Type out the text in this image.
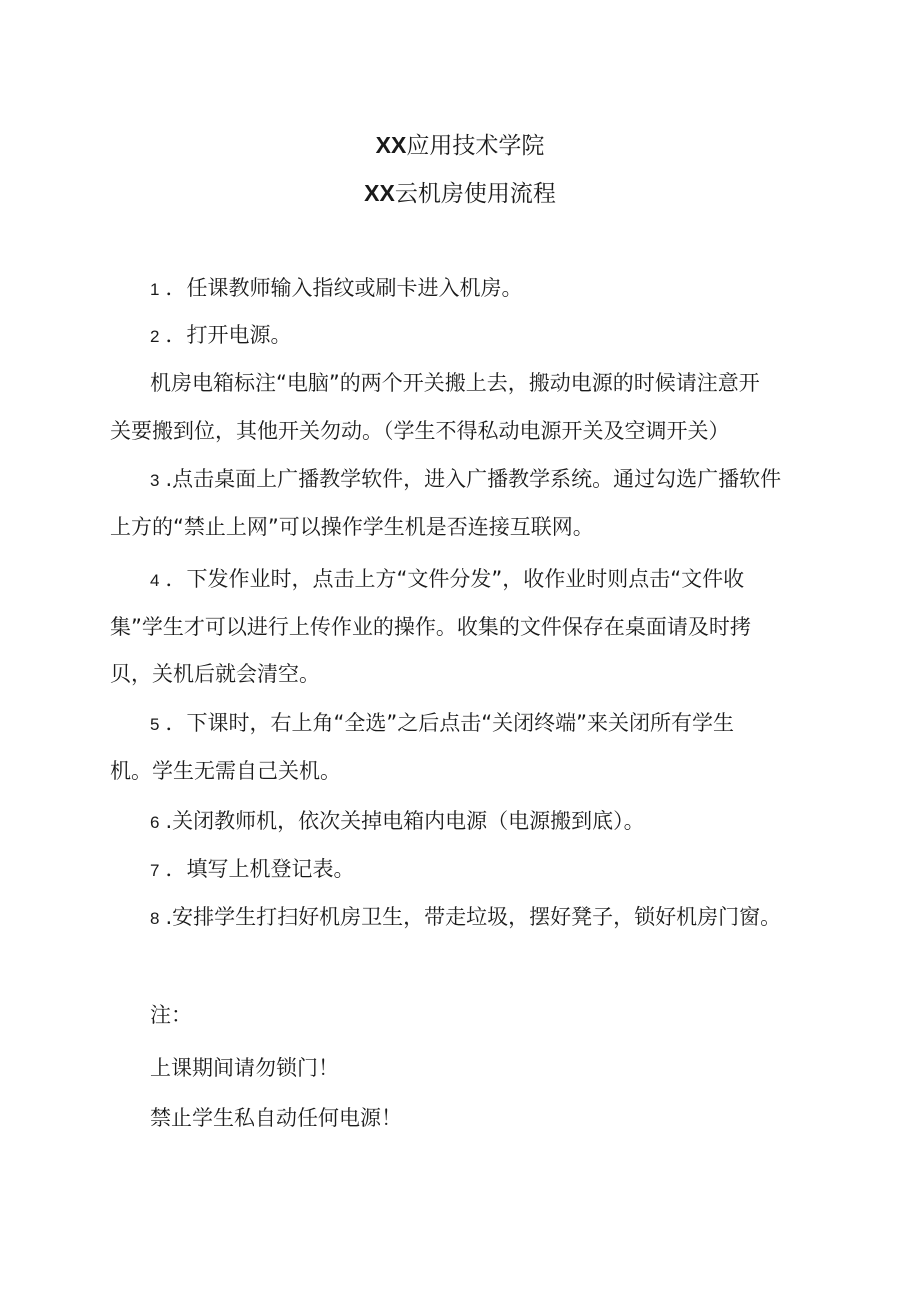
XX应用技术学院
XX云机房使用流程
1 ．任课教师输入指纹或刷卡进入机房。
2 ．打开电源。
机房电箱标注“电脑”的两个开关搬上去，搬动电源的时候请注意开
关要搬到位，其他开关勿动。（学生不得私动电源开关及空调开关）
3 .点击桌面上广播教学软件，进入广播教学系统。通过勾选广播软件
上方的“禁止上网”可以操作学生机是否连接互联网。
4 ．下发作业时，点击上方“文件分发”，收作业时则点击“文件收
集”学生才可以进行上传作业的操作。收集的文件保存在桌面请及时拷
贝，关机后就会清空。
5 ．下课时，右上角“全选”之后点击“关闭终端”来关闭所有学生
机。学生无需自己关机。
6 .关闭教师机，依次关掉电箱内电源（电源搬到底）。
7 ．填写上机登记表。
8 .安排学生打扫好机房卫生，带走垃圾，摆好凳子，锁好机房门窗。
注：
上课期间请勿锁门！
禁止学生私自动任何电源！
